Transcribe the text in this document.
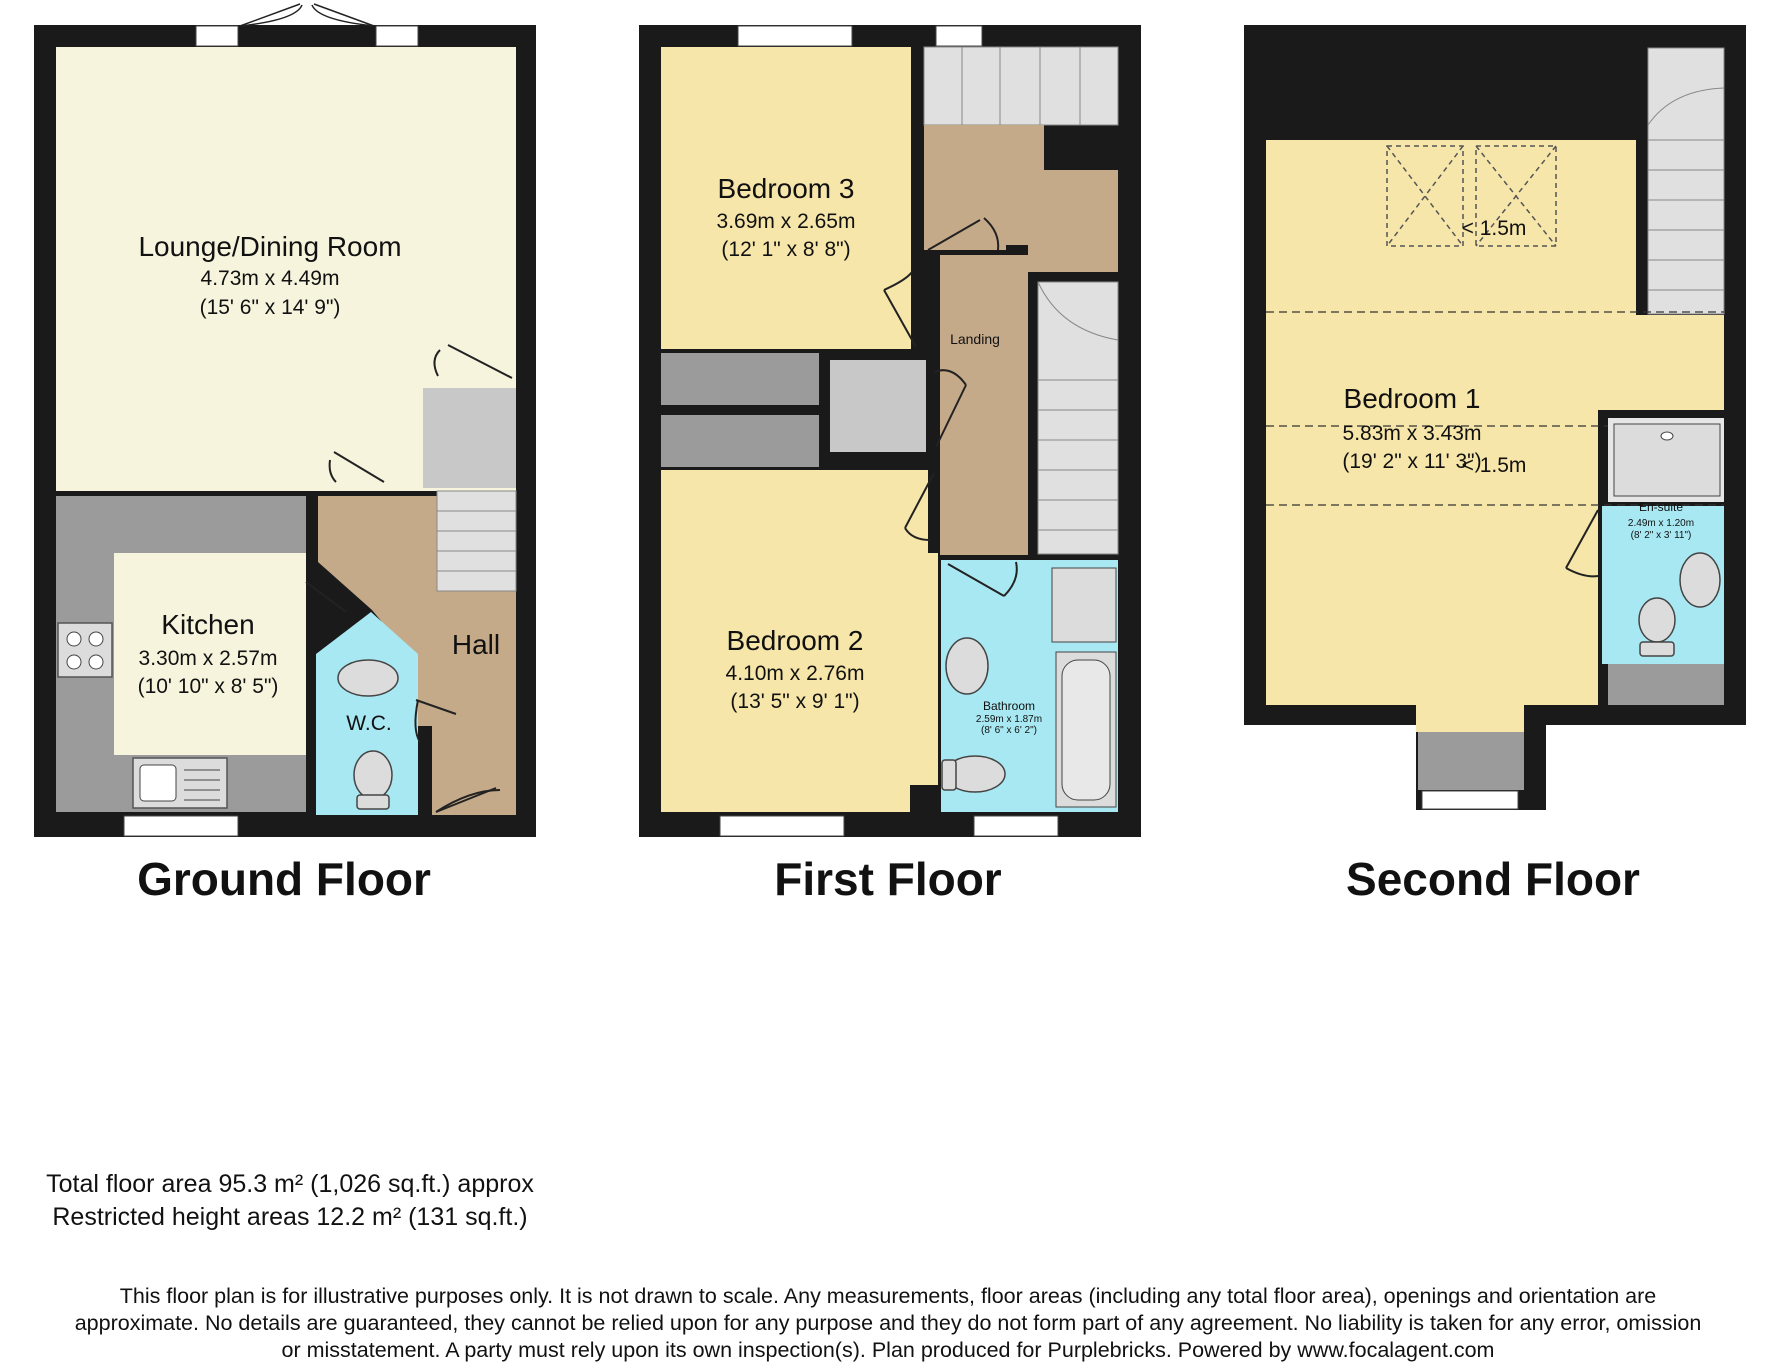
Lounge/Dining Room
4.73m x 4.49m
(15' 6" x 14' 9")
Kitchen
3.30m x 2.57m
(10' 10" x 8' 5")
W.C.
Hall
Bedroom 3
3.69m x 2.65m
(12' 1" x 8' 8")
Landing
Bedroom 2
4.10m x 2.76m
(13' 5" x 9' 1")	Bathroom
2.59m x 1.87m
(8' 6" x 6' 2")
Bedroom 1
5.83m x 3.43m
(19' 2" x 11' 3")
< 1.5m
< 1.5m
En-suite
2.49m x 1.20m
(8' 2" x 3' 11")
Ground Floor	First Floor	Second Floor
Total floor area 95.3 m² (1,026 sq.ft.) approx
Restricted height areas 12.2 m² (131 sq.ft.)
This floor plan is for illustrative purposes only. It is not drawn to scale. Any measurements, floor areas (including any total floor area), openings and orientation are
approximate. No details are guaranteed, they cannot be relied upon for any purpose and they do not form part of any agreement. No liability is taken for any error, omission
or misstatement. A party must rely upon its own inspection(s). Plan produced for Purplebricks. Powered by www.focalagent.com
